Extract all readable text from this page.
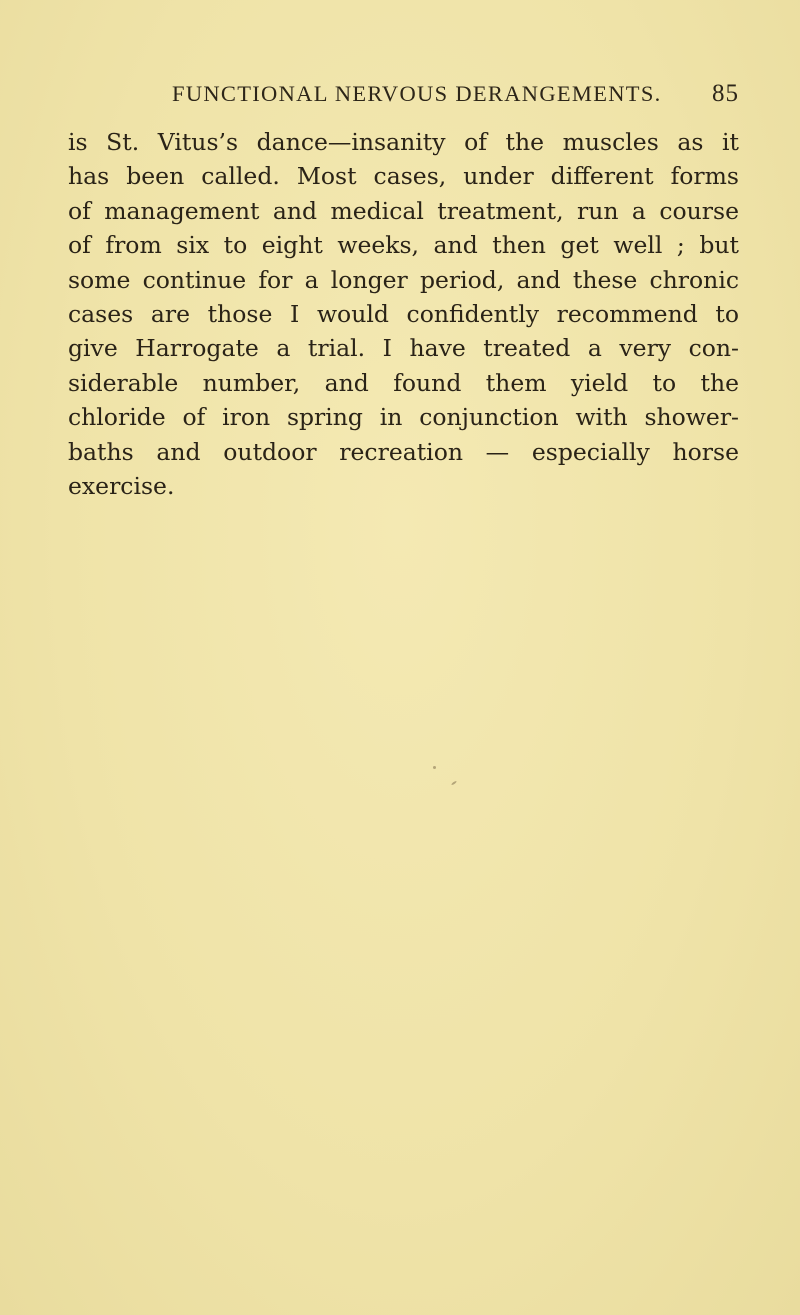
FUNCTIONAL NERVOUS DERANGEMENTS. 85
is St. Vitus’s dance—insanity of the muscles as it
has been called. Most cases, under different forms
of management and medical treatment, run a course
of from six to eight weeks, and then get well ; but
some continue for a longer period, and these chronic
cases are those I would confidently recommend to
give Harrogate a trial. I have treated a very con-
siderable number, and found them yield to the
chloride of iron spring in conjunction with shower-
baths and outdoor recreation — especially horse
exercise.
